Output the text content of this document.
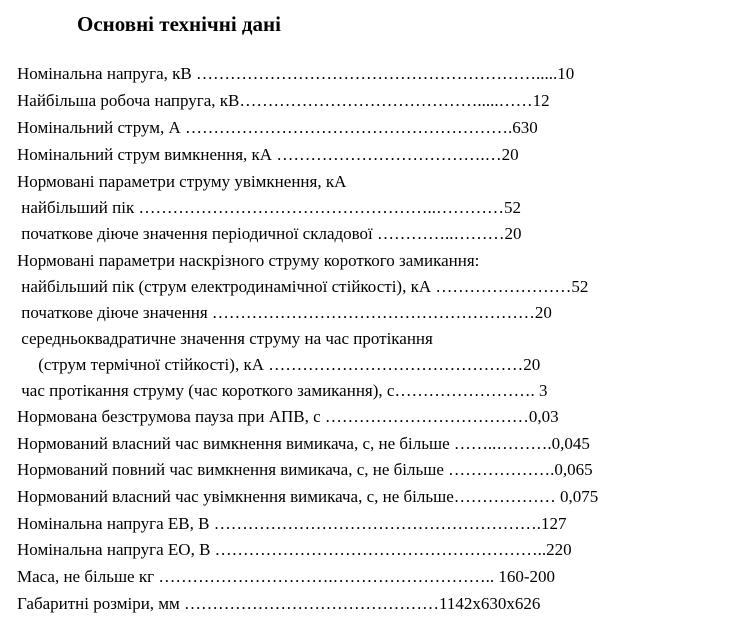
Основні технічні дані
Номінальна напруга, кВ …………………………………………………….....10
Найбільша робоча напруга, кВ…………………………………….....……12
Номінальний струм, А ………………………………………………….630
Номінальний струм вимкнення, кА ……………………………….…20
Нормовані параметри струму увімкнення, кА
найбільший пік ……………………………………………..…………52
початкове діюче значення періодичної складової …………..………20
Нормовані параметри наскрізного струму короткого замикання:
найбільший пік (струм електродинамічної стійкості), кА ……………………52
початкове діюче значення …………………………………………………20
середньоквадратичне значення струму на час протікання
(струм термічної стійкості), кА ………………………………………20
час протікання струму (час короткого замикання), с……………………. 3
Нормована безструмова пауза при АПВ, с ………………………………0,03
Нормований власний час вимкнення вимикача, с, не більше ……..……….0,045
Нормований повний час вимкнення вимикача, с, не більше ……………….0,065
Нормований власний час увімкнення вимикача, с, не більше……………… 0,075
Номінальна напруга ЕВ, В ………………………………………………….127
Номінальна напруга ЕО, В …………………………………………………..220
Маса, не більше кг ………………………….……………………….. 160-200
Габаритні розміри, мм ………………………………………1142x630x626
